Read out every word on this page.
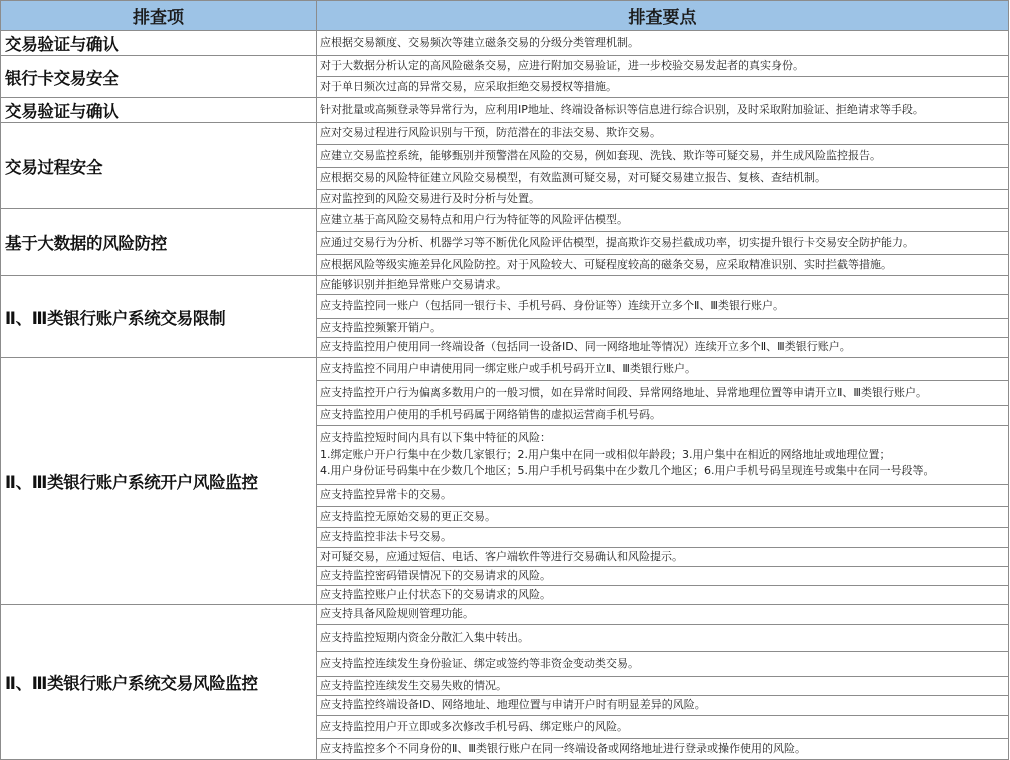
排查项	排查要点
交易验证与确认	应根据交易额度、交易频次等建立磁条交易的分级分类管理机制。
银行卡交易安全	对于大数据分析认定的高风险磁条交易，应进行附加交易验证，进一步校验交易发起者的真实身份。
	对于单日频次过高的异常交易，应采取拒绝交易授权等措施。
交易验证与确认	针对批量或高频登录等异常行为，应利用IP地址、终端设备标识等信息进行综合识别，及时采取附加验证、拒绝请求等手段。
交易过程安全	应对交易过程进行风险识别与干预，防范潜在的非法交易、欺诈交易。
	应建立交易监控系统，能够甄别并预警潜在风险的交易，例如套现、洗钱、欺诈等可疑交易，并生成风险监控报告。
	应根据交易的风险特征建立风险交易模型，有效监测可疑交易，对可疑交易建立报告、复核、查结机制。
	应对监控到的风险交易进行及时分析与处置。
基于大数据的风险防控	应建立基于高风险交易特点和用户行为特征等的风险评估模型。
	应通过交易行为分析、机器学习等不断优化风险评估模型，提高欺诈交易拦截成功率，切实提升银行卡交易安全防护能力。
	应根据风险等级实施差异化风险防控。对于风险较大、可疑程度较高的磁条交易，应采取精准识别、实时拦截等措施。
Ⅱ、Ⅲ类银行账户系统交易限制	应能够识别并拒绝异常账户交易请求。
	应支持监控同一账户（包括同一银行卡、手机号码、身份证等）连续开立多个Ⅱ、Ⅲ类银行账户。
	应支持监控频繁开销户。
	应支持监控用户使用同一终端设备（包括同一设备ID、同一网络地址等情况）连续开立多个Ⅱ、Ⅲ类银行账户。
Ⅱ、Ⅲ类银行账户系统开户风险监控	应支持监控不同用户申请使用同一绑定账户或手机号码开立Ⅱ、Ⅲ类银行账户。
	应支持监控开户行为偏离多数用户的一般习惯，如在异常时间段、异常网络地址、异常地理位置等申请开立Ⅱ、Ⅲ类银行账户。
	应支持监控用户使用的手机号码属于网络销售的虚拟运营商手机号码。

	应支持监控短时间内具有以下集中特征的风险：
1.绑定账户开户行集中在少数几家银行；2.用户集中在同一或相似年龄段；3.用户集中在相近的网络地址或地理位置；
4.用户身份证号码集中在少数几个地区；5.用户手机号码集中在少数几个地区；6.用户手机号码呈现连号或集中在同一号段等。

	应支持监控异常卡的交易。
	应支持监控无原始交易的更正交易。
	应支持监控非法卡号交易。
	对可疑交易，应通过短信、电话、客户端软件等进行交易确认和风险提示。
	应支持监控密码错误情况下的交易请求的风险。
	应支持监控账户止付状态下的交易请求的风险。
Ⅱ、Ⅲ类银行账户系统交易风险监控	应支持具备风险规则管理功能。
	应支持监控短期内资金分散汇入集中转出。
	应支持监控连续发生身份验证、绑定或签约等非资金变动类交易。
	应支持监控连续发生交易失败的情况。
	应支持监控终端设备ID、网络地址、地理位置与申请开户时有明显差异的风险。
	应支持监控用户开立即或多次修改手机号码、绑定账户的风险。
	应支持监控多个不同身份的Ⅱ、Ⅲ类银行账户在同一终端设备或网络地址进行登录或操作使用的风险。
